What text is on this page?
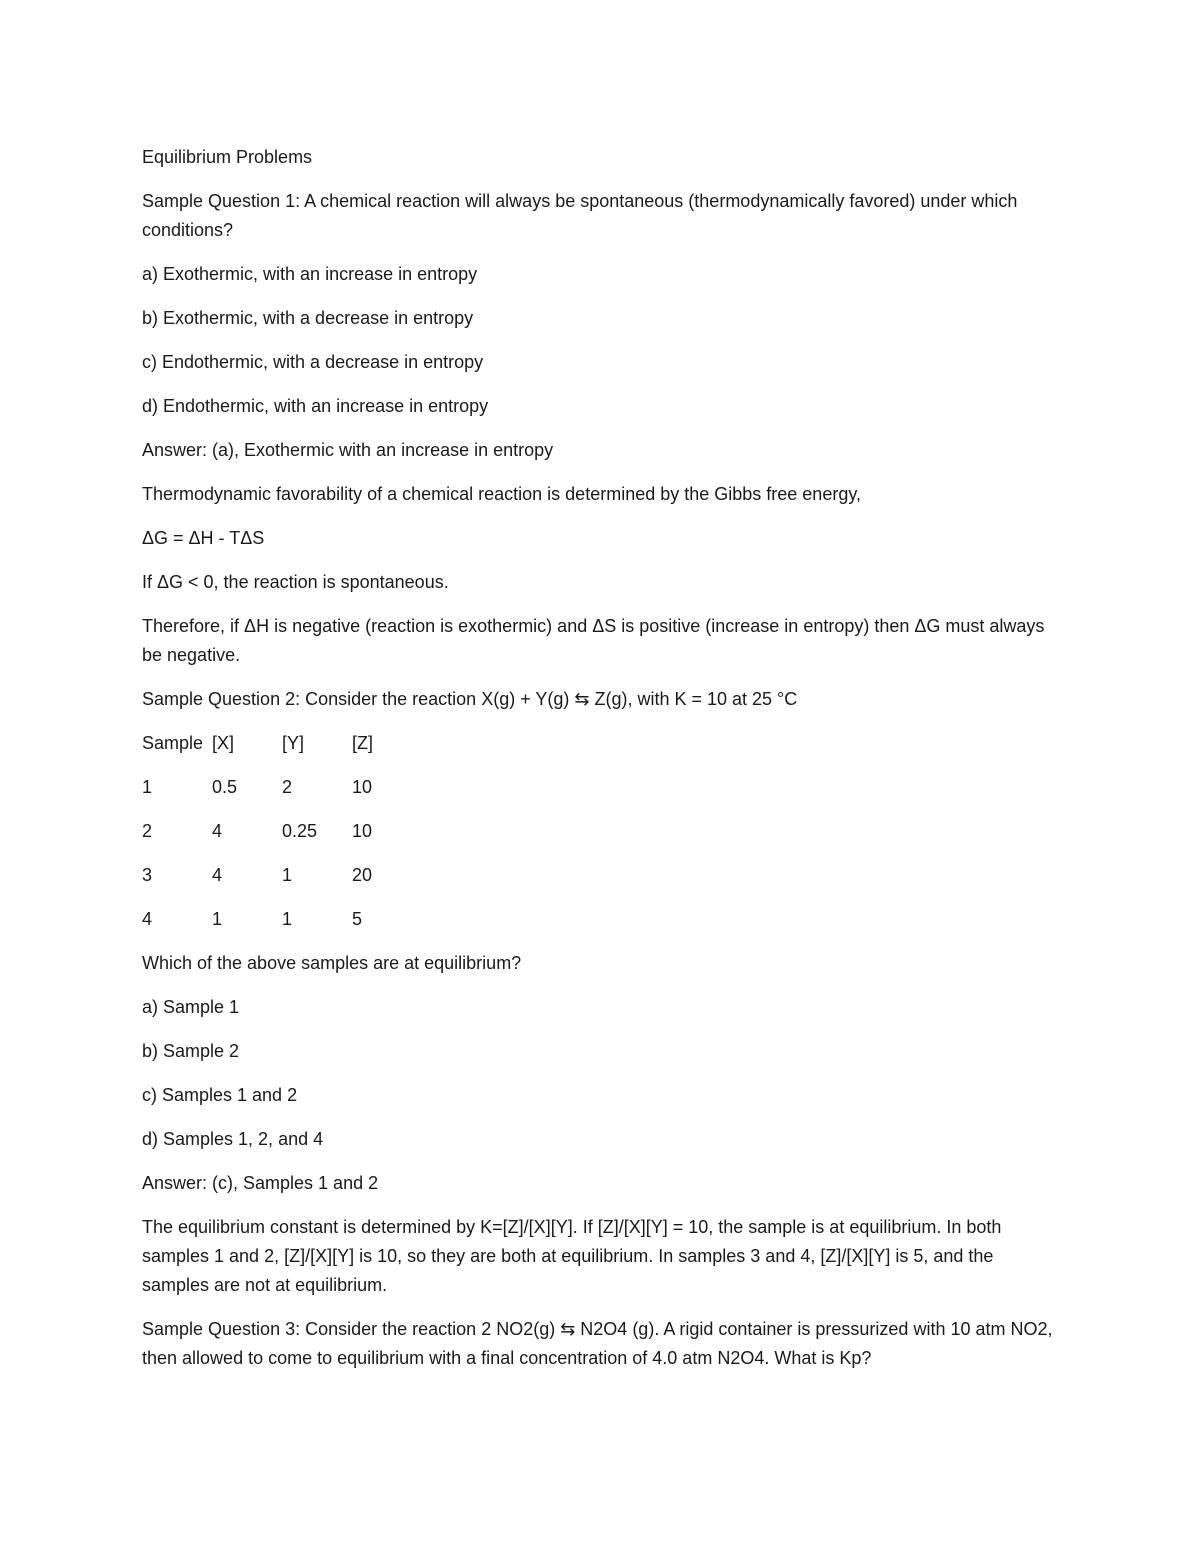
Equilibrium Problems

Sample Question 1: A chemical reaction will always be spontaneous (thermodynamically favored) under which conditions?

a) Exothermic, with an increase in entropy

b) Exothermic, with a decrease in entropy

c) Endothermic, with a decrease in entropy

d) Endothermic, with an increase in entropy

Answer: (a), Exothermic with an increase in entropy

Thermodynamic favorability of a chemical reaction is determined by the Gibbs free energy,

ΔG = ΔH - TΔS

If ΔG < 0, the reaction is spontaneous.

Therefore, if ΔH is negative (reaction is exothermic) and ΔS is positive (increase in entropy) then ΔG must always be negative.

Sample Question 2: Consider the reaction X(g) + Y(g) ⇆ Z(g), with K = 10 at 25 °C

Sample [X]	[Y]	[Z]
1	0.5 2	10
2	4	0.25 10
3	4	1	20
4	1	1	5

Which of the above samples are at equilibrium?

a) Sample 1

b) Sample 2

c) Samples 1 and 2

d) Samples 1, 2, and 4

Answer: (c), Samples 1 and 2

The equilibrium constant is determined by K=[Z]/[X][Y]. If [Z]/[X][Y] = 10, the sample is at equilibrium. In both samples 1 and 2, [Z]/[X][Y] is 10, so they are both at equilibrium. In samples 3 and 4, [Z]/[X][Y] is 5, and the samples are not at equilibrium.

Sample Question 3: Consider the reaction 2 NO2(g) ⇆ N2O4 (g). A rigid container is pressurized with 10 atm NO2, then allowed to come to equilibrium with a final concentration of 4.0 atm N2O4. What is Kp?
